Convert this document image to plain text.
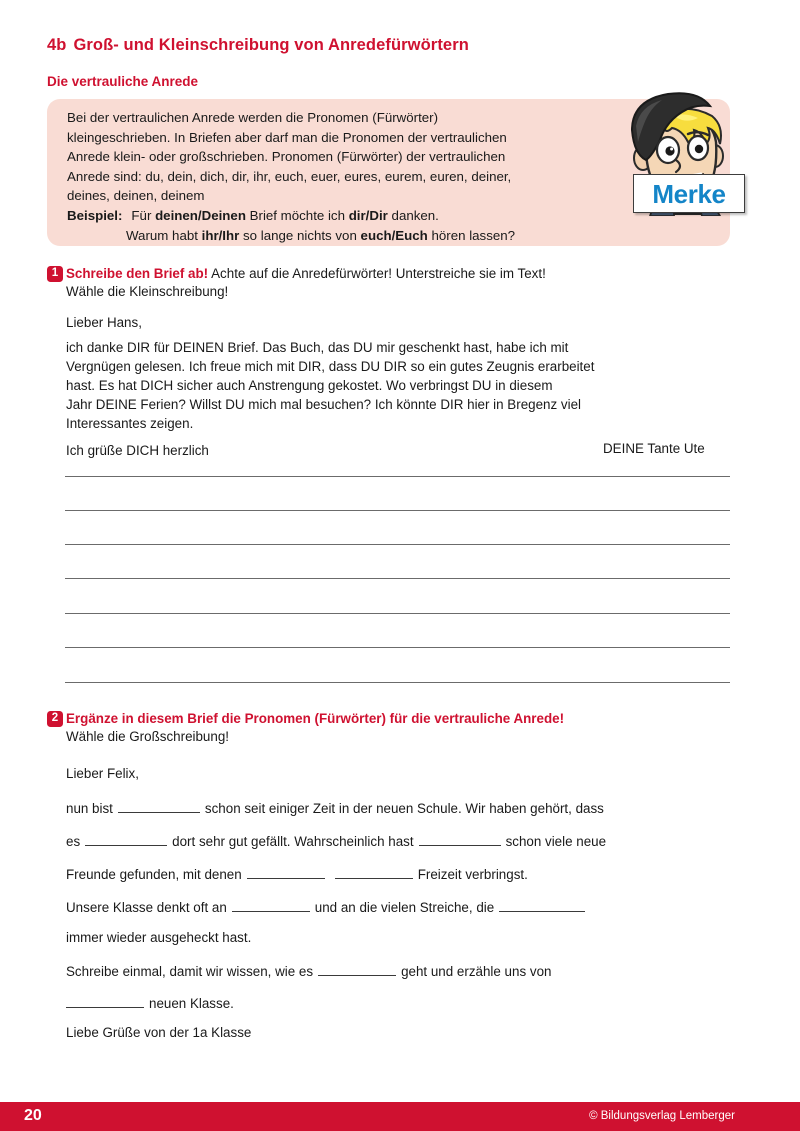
4b Groß- und Kleinschreibung von Anredefürwörtern
Die vertrauliche Anrede
Bei der vertraulichen Anrede werden die Pronomen (Fürwörter)
kleingeschrieben. In Briefen aber darf man die Pronomen der vertraulichen
Anrede klein- oder großschrieben. Pronomen (Fürwörter) der vertraulichen
Anrede sind: du, dein, dich, dir, ihr, euch, euer, eures, eurem, euren, deiner,
deines, deinen, deinem
Beispiel: Für deinen/Deinen Brief möchte ich dir/Dir danken.
Warum habt ihr/Ihr so lange nichts von euch/Euch hören lassen?
Merke
1 Schreibe den Brief ab! Achte auf die Anredefürwörter! Unterstreiche sie im Text!
Wähle die Kleinschreibung!
Lieber Hans,
ich danke DIR für DEINEN Brief. Das Buch, das DU mir geschenkt hast, habe ich mit
Vergnügen gelesen. Ich freue mich mit DIR, dass DU DIR so ein gutes Zeugnis erarbeitet
hast. Es hat DICH sicher auch Anstrengung gekostet. Wo verbringst DU in diesem
Jahr DEINE Ferien? Willst DU mich mal besuchen? Ich könnte DIR hier in Bregenz viel
Interessantes zeigen.
Ich grüße DICH herzlich	DEINE Tante Ute
2 Ergänze in diesem Brief die Pronomen (Fürwörter) für die vertrauliche Anrede!
Wähle die Großschreibung!
Lieber Felix,
nun bist	schon seit einiger Zeit in der neuen Schule. Wir haben gehört, dass
es	dort sehr gut gefällt. Wahrscheinlich hast	schon viele neue
Freunde gefunden, mit denen	Freizeit verbringst.
Unsere Klasse denkt oft an	und an die vielen Streiche, die
immer wieder ausgeheckt hast.
Schreibe einmal, damit wir wissen, wie es	geht und erzähle uns von
neuen Klasse.
Liebe Grüße von der 1a Klasse
20	© Bildungsverlag Lemberger
